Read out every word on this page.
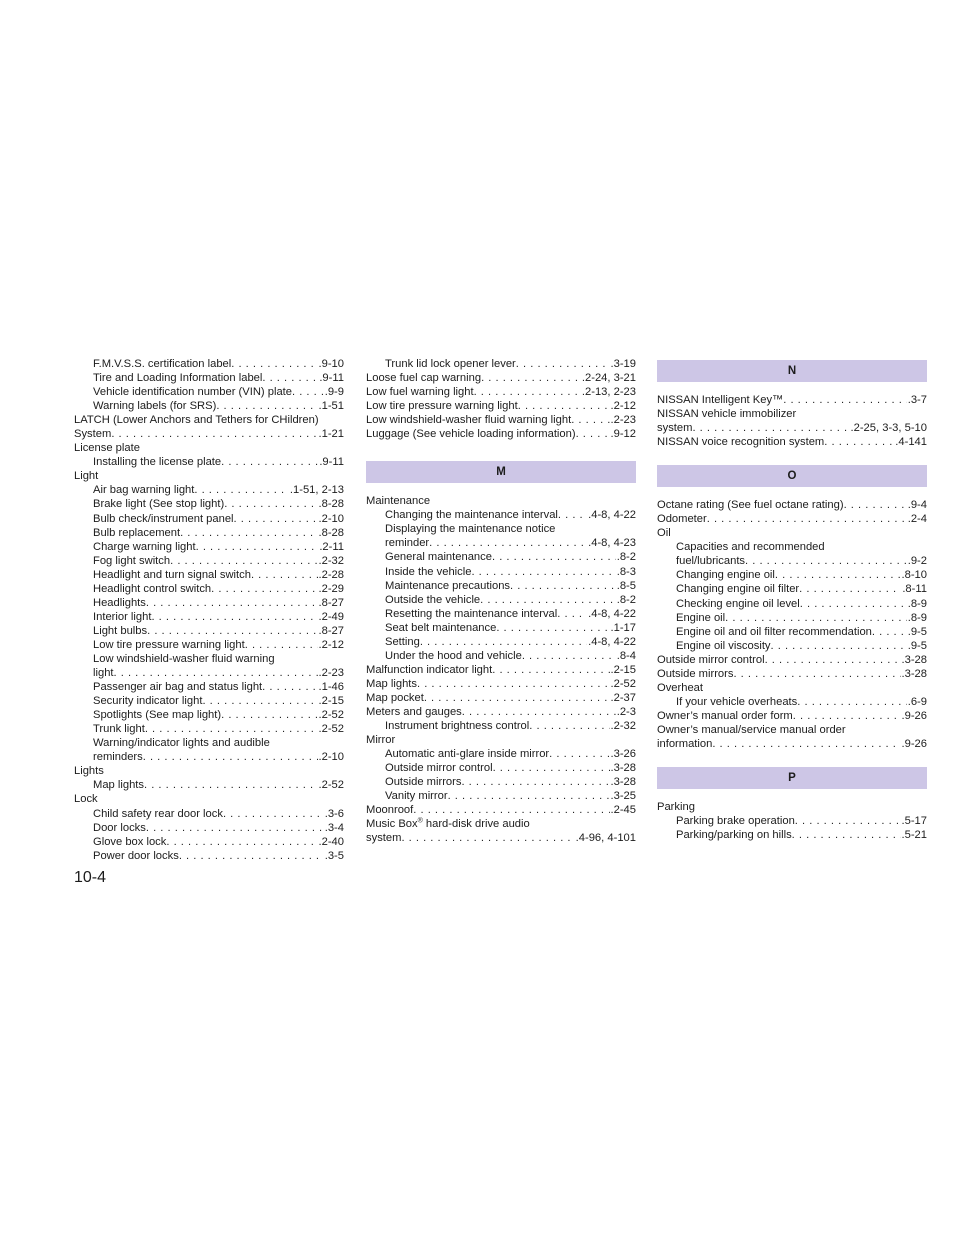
F.M.V.S.S. certification label . . .	.9-10
Tire and Loading Information label . . .	.9-11
Vehicle identification number (VIN) plate . . .	.9-9
Warning labels (for SRS) . . .	.1-51
LATCH (Lower Anchors and Tethers for CHildren)
System . . .	.1-21
License plate
Installing the license plate . . .	.9-11
Light
Air bag warning light . . .	.1-51, 2-13
Brake light (See stop light) . . .	.8-28
Bulb check/instrument panel . . .	.2-10
Bulb replacement . . .	.8-28
Charge warning light . . .	.2-11
Fog light switch . . .	.2-32
Headlight and turn signal switch . . .	.2-28
Headlight control switch . . .	.2-29
Headlights . . .	.8-27
Interior light . . .	.2-49
Light bulbs . . .	.8-27
Low tire pressure warning light . . .	.2-12
Low windshield-washer fluid warning
light . . .	.2-23
Passenger air bag and status light . . .	.1-46
Security indicator light . . .	.2-15
Spotlights (See map light) . . .	.2-52
Trunk light . . .	.2-52
Warning/indicator lights and audible
reminders . . .	.2-10
Lights
Map lights . . .	.2-52
Lock
Child safety rear door lock . . .	.3-6
Door locks . . .	.3-4
Glove box lock . . .	.2-40
Power door locks . . .	.3-5
Trunk lid lock opener lever . . .	.3-19
Loose fuel cap warning . . .	.2-24, 3-21
Low fuel warning light . . .	.2-13, 2-23
Low tire pressure warning light . . .	.2-12
Low windshield-washer fluid warning light . . .	.2-23
Luggage (See vehicle loading information) . . .	.9-12
M
Maintenance
Changing the maintenance interval . . .	.4-8, 4-22
Displaying the maintenance notice
reminder . . .	.4-8, 4-23
General maintenance . . .	.8-2
Inside the vehicle . . .	.8-3
Maintenance precautions . . .	.8-5
Outside the vehicle . . .	.8-2
Resetting the maintenance interval . . .	.4-8, 4-22
Seat belt maintenance . . .	.1-17
Setting . . .	.4-8, 4-22
Under the hood and vehicle . . .	.8-4
Malfunction indicator light . . .	.2-15
Map lights . . .	.2-52
Map pocket . . .	.2-37
Meters and gauges . . .	.2-3
Instrument brightness control . . .	.2-32
Mirror
Automatic anti-glare inside mirror . . .	.3-26
Outside mirror control . . .	.3-28
Outside mirrors . . .	.3-28
Vanity mirror . . .	.3-25
Moonroof . . .	.2-45
Music Box® hard-disk drive audio
system . . .	.4-96, 4-101
N
NISSAN Intelligent Key™ . . .	.3-7
NISSAN vehicle immobilizer
system . . .	.2-25, 3-3, 5-10
NISSAN voice recognition system . . .	.4-141
O
Octane rating (See fuel octane rating) . . .	.9-4
Odometer . . .	.2-4
Oil
Capacities and recommended
fuel/lubricants . . .	.9-2
Changing engine oil . . .	.8-10
Changing engine oil filter . . .	.8-11
Checking engine oil level . . .	.8-9
Engine oil . . .	.8-9
Engine oil and oil filter recommendation . . .	.9-5
Engine oil viscosity . . .	.9-5
Outside mirror control . . .	.3-28
Outside mirrors . . .	.3-28
Overheat
If your vehicle overheats . . .	.6-9
Owner’s manual order form . . .	.9-26
Owner’s manual/service manual order
information . . .	.9-26
P
Parking
Parking brake operation . . .	.5-17
Parking/parking on hills . . .	.5-21
10-4
